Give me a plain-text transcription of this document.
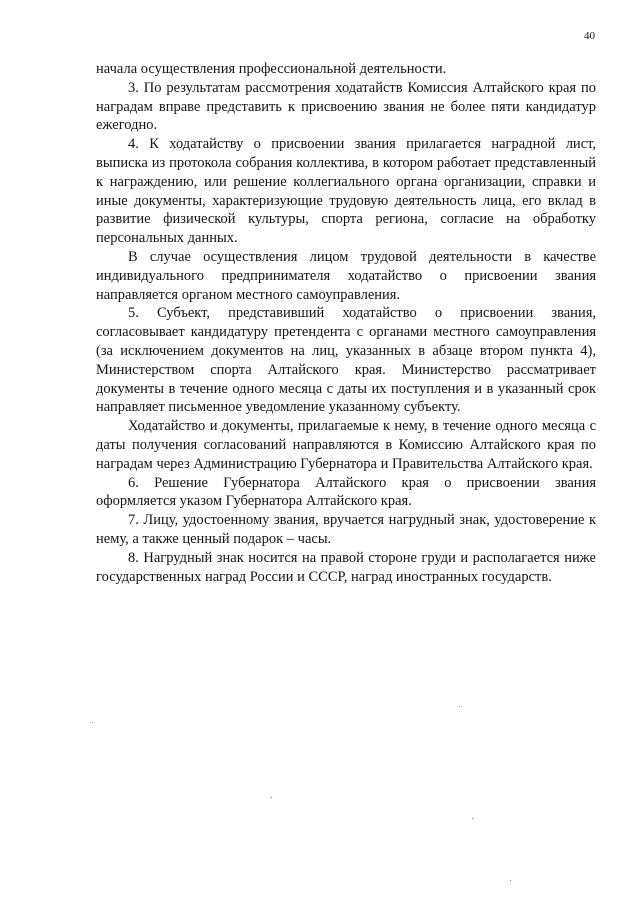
40

начала осуществления профессиональной деятельности.

3. По результатам рассмотрения ходатайств Комиссия Алтайского края по наградам вправе представить к присвоению звания не более пяти кандидатур ежегодно.

4. К ходатайству о присвоении звания прилагается наградной лист, выписка из протокола собрания коллектива, в котором работает представленный к награждению, или решение коллегиального органа организации, справки и иные документы, характеризующие трудовую деятельность лица, его вклад в развитие физической культуры, спорта региона, согласие на обработку персональных данных.

В случае осуществления лицом трудовой деятельности в качестве индивидуального предпринимателя ходатайство о присвоении звания направляется органом местного самоуправления.

5. Субъект, представивший ходатайство о присвоении звания, согласовывает кандидатуру претендента с органами местного самоуправления (за исключением документов на лиц, указанных в абзаце втором пункта 4), Министерством спорта Алтайского края. Министерство рассматривает документы в течение одного месяца с даты их поступления и в указанный срок направляет письменное уведомление указанному субъекту.

Ходатайство и документы, прилагаемые к нему, в течение одного месяца с даты получения согласований направляются в Комиссию Алтайского края по наградам через Администрацию Губернатора и Правительства Алтайского края.

6. Решение Губернатора Алтайского края о присвоении звания оформляется указом Губернатора Алтайского края.

7. Лицу, удостоенному звания, вручается нагрудный знак, удостоверение к нему, а также ценный подарок – часы.

8. Нагрудный знак носится на правой стороне груди и располагается ниже государственных наград России и СССР, наград иностранных государств.
